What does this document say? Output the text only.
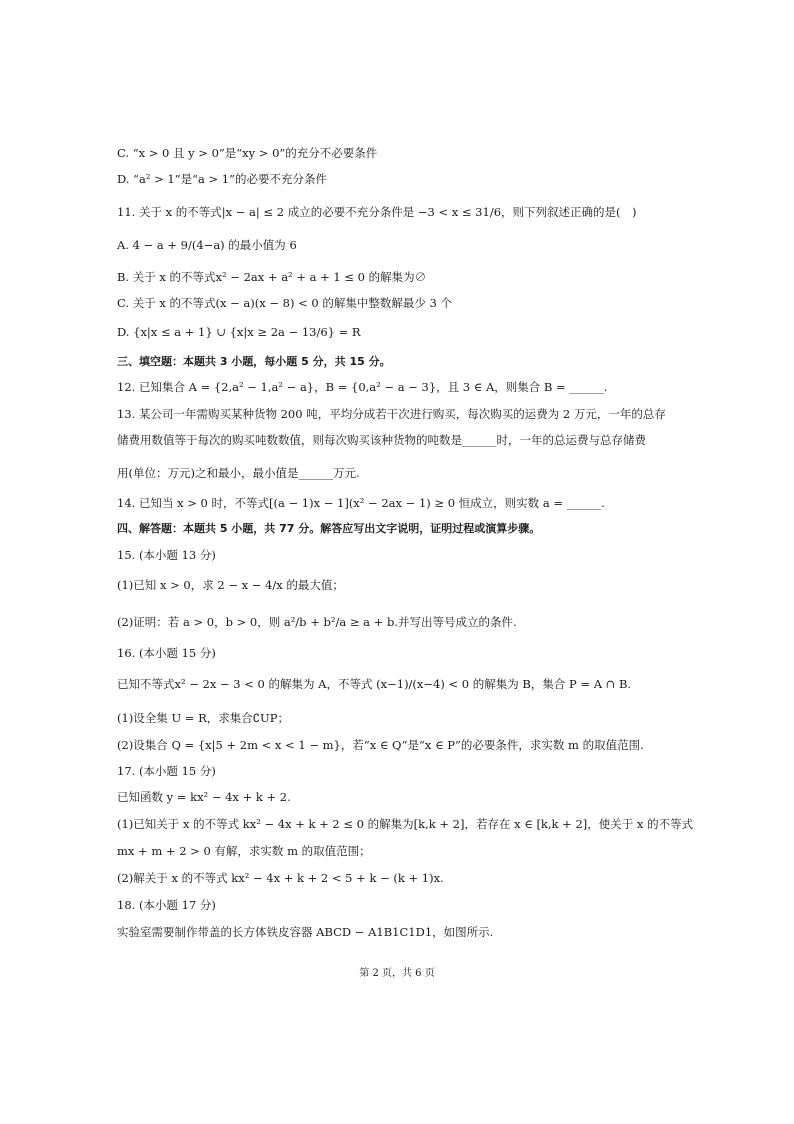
C. “x > 0 且 y > 0”是“xy > 0”的充分不必要条件
D. “a² > 1”是“a > 1”的必要不充分条件
11. 关于 x 的不等式|x − a| ≤ 2 成立的必要不充分条件是 −3 < x ≤ 31/6，则下列叙述正确的是(　)
A. 4 − a + 9/(4−a) 的最小值为 6
B. 关于 x 的不等式x² − 2ax + a² + a + 1 ≤ 0 的解集为∅
C. 关于 x 的不等式(x − a)(x − 8) < 0 的解集中整数解最少 3 个
D. {x|x ≤ a + 1} ∪ {x|x ≥ 2a − 13/6} = R
三、填空题：本题共 3 小题，每小题 5 分，共 15 分。
12. 已知集合 A = {2,a² − 1,a² − a}，B = {0,a² − a − 3}，且 3 ∈ A，则集合 B = ______.
13. 某公司一年需购买某种货物 200 吨，平均分成若干次进行购买，每次购买的运费为 2 万元，一年的总存
储费用数值等于每次的购买吨数数值，则每次购买该种货物的吨数是______时，一年的总运费与总存储费
用(单位：万元)之和最小，最小值是______万元.
14. 已知当 x > 0 时，不等式[(a − 1)x − 1](x² − 2ax − 1) ≥ 0 恒成立，则实数 a = ______.
四、解答题：本题共 5 小题，共 77 分。解答应写出文字说明，证明过程或演算步骤。
15. (本小题 13 分)
(1)已知 x > 0，求 2 − x − 4/x 的最大值；
(2)证明：若 a > 0，b > 0，则 a²/b + b²/a ≥ a + b.并写出等号成立的条件.
16. (本小题 15 分)
已知不等式x² − 2x − 3 < 0 的解集为 A，不等式 (x−1)/(x−4) < 0 的解集为 B，集合 P = A ∩ B.
(1)设全集 U = R，求集合∁UP；
(2)设集合 Q = {x|5 + 2m < x < 1 − m}，若“x ∈ Q”是“x ∈ P”的必要条件，求实数 m 的取值范围.
17. (本小题 15 分)
已知函数 y = kx² − 4x + k + 2.
(1)已知关于 x 的不等式 kx² − 4x + k + 2 ≤ 0 的解集为[k,k + 2]，若存在 x ∈ [k,k + 2]，使关于 x 的不等式
mx + m + 2 > 0 有解，求实数 m 的取值范围；
(2)解关于 x 的不等式 kx² − 4x + k + 2 < 5 + k − (k + 1)x.
18. (本小题 17 分)
实验室需要制作带盖的长方体铁皮容器 ABCD − A1B1C1D1，如图所示.
第 2 页，共 6 页
